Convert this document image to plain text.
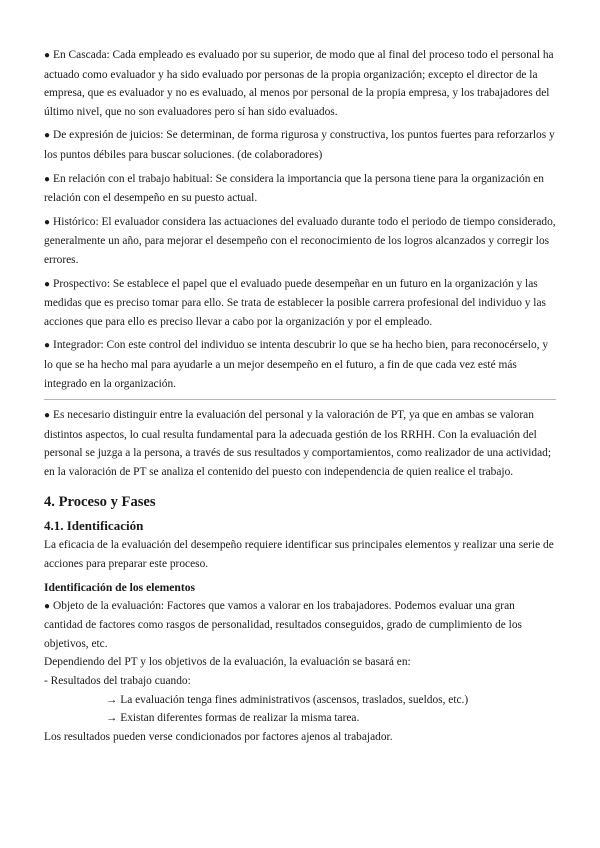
● En Cascada: Cada empleado es evaluado por su superior, de modo que al final del proceso todo el personal ha actuado como evaluador y ha sido evaluado por personas de la propia organización; excepto el director de la empresa, que es evaluador y no es evaluado, al menos por personal de la propia empresa, y los trabajadores del último nivel, que no son evaluadores pero sí han sido evaluados.

● De expresión de juicios: Se determinan, de forma rigurosa y constructiva, los puntos fuertes para reforzarlos y los puntos débiles para buscar soluciones. (de colaboradores)

● En relación con el trabajo habitual: Se considera la importancia que la persona tiene para la organización en relación con el desempeño en su puesto actual.

● Histórico: El evaluador considera las actuaciones del evaluado durante todo el periodo de tiempo considerado, generalmente un año, para mejorar el desempeño con el reconocimiento de los logros alcanzados y corregir los errores.

● Prospectivo: Se establece el papel que el evaluado puede desempeñar en un futuro en la organización y las medidas que es preciso tomar para ello. Se trata de establecer la posible carrera profesional del individuo y las acciones que para ello es preciso llevar a cabo por la organización y por el empleado.

● Integrador: Con este control del individuo se intenta descubrir lo que se ha hecho bien, para reconocérselo, y lo que se ha hecho mal para ayudarle a un mejor desempeño en el futuro, a fin de que cada vez esté más integrado en la organización.

● Es necesario distinguir entre la evaluación del personal y la valoración de PT, ya que en ambas se valoran distintos aspectos, lo cual resulta fundamental para la adecuada gestión de los RRHH. Con la evaluación del personal se juzga a la persona, a través de sus resultados y comportamientos, como realizador de una actividad; en la valoración de PT se analiza el contenido del puesto con independencia de quien realice el trabajo.

4. Proceso y Fases
4.1. Identificación

La eficacia de la evaluación del desempeño requiere identificar sus principales elementos y realizar una serie de acciones para preparar este proceso.

Identificación de los elementos

● Objeto de la evaluación: Factores que vamos a valorar en los trabajadores. Podemos evaluar una gran cantidad de factores como rasgos de personalidad, resultados conseguidos, grado de cumplimiento de los objetivos, etc.

Dependiendo del PT y los objetivos de la evaluación, la evaluación se basará en:

- Resultados del trabajo cuando:

→ La evaluación tenga fines administrativos (ascensos, traslados, sueldos, etc.)

→ Existan diferentes formas de realizar la misma tarea.

Los resultados pueden verse condicionados por factores ajenos al trabajador.
